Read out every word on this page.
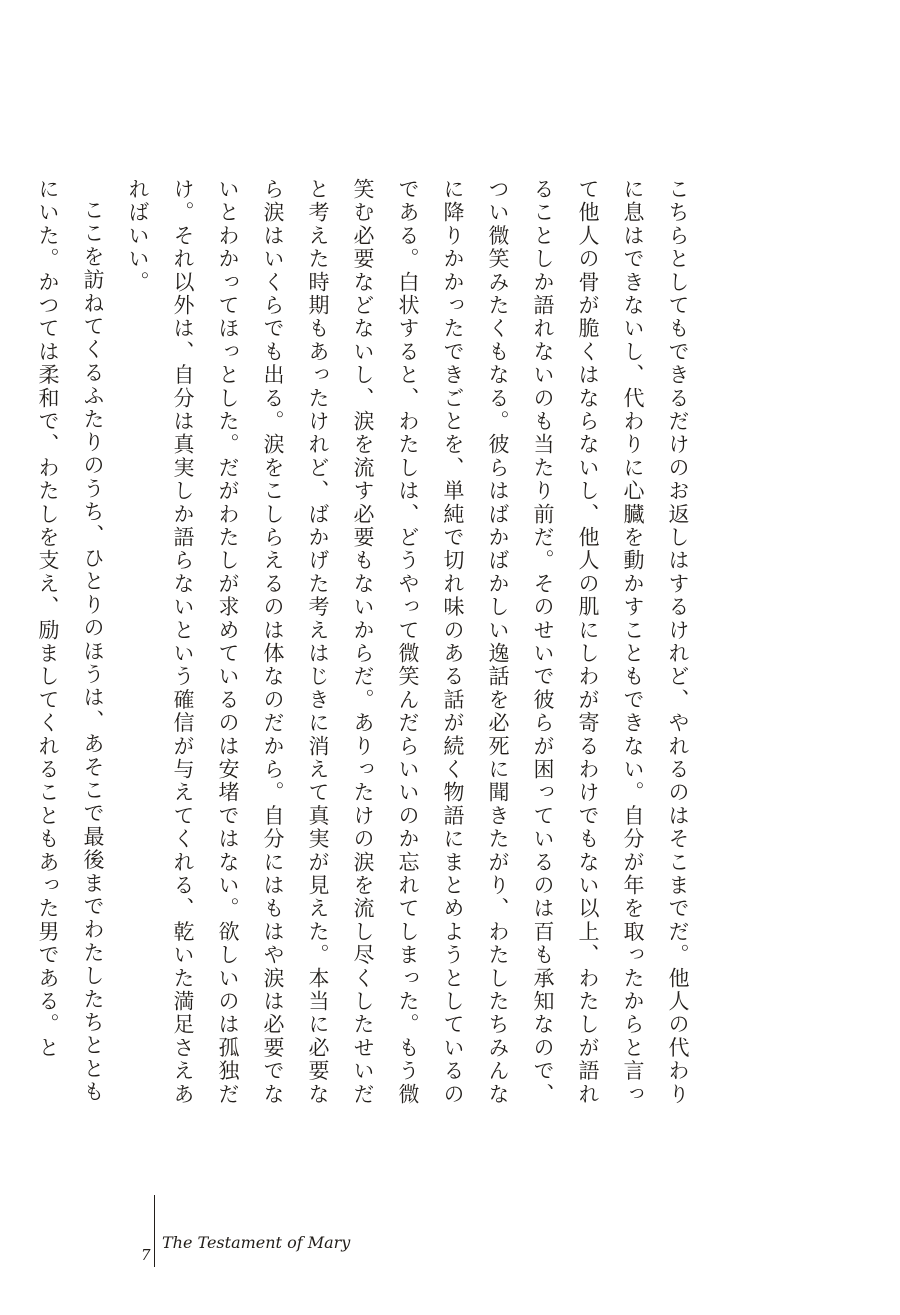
こちらとしてもできるだけのお返しはするけれど、やれるのはそこまでだ。他人の代わりに息はできないし、代わりに心臓を動かすこともできない。自分が年を取ったからと言って他人の骨が脆くはならないし、他人の肌にしわが寄るわけでもない以上、わたしが語れることしか語れないのも当たり前だ。そのせいで彼らが困っているのは百も承知なので、つい微笑みたくもなる。彼らはばかばかしい逸話を必死に聞きたがり、わたしたちみんなに降りかかったできごとを、単純で切れ味のある話が続く物語にまとめようとしているのである。白状すると、わたしは、どうやって微笑んだらいいのか忘れてしまった。もう微笑む必要などないし、涙を流す必要もないからだ。ありったけの涙を流し尽くしたせいだと考えた時期もあったけれど、ばかげた考えはじきに消えて真実が見えた。本当に必要なら涙はいくらでも出る。涙をこしらえるのは体なのだから。自分にはもはや涙は必要でないとわかってほっとした。だがわたしが求めているのは安堵ではない。欲しいのは孤独だけ。それ以外は、自分は真実しか語らないという確信が与えてくれる、乾いた満足さえあればいい。

ここを訪ねてくるふたりのうち、ひとりのほうは、あそこで最後までわたしたちとともにいた。かつては柔和で、わたしを支え、励ましてくれることもあった男である。と

7
The Testament of Mary
